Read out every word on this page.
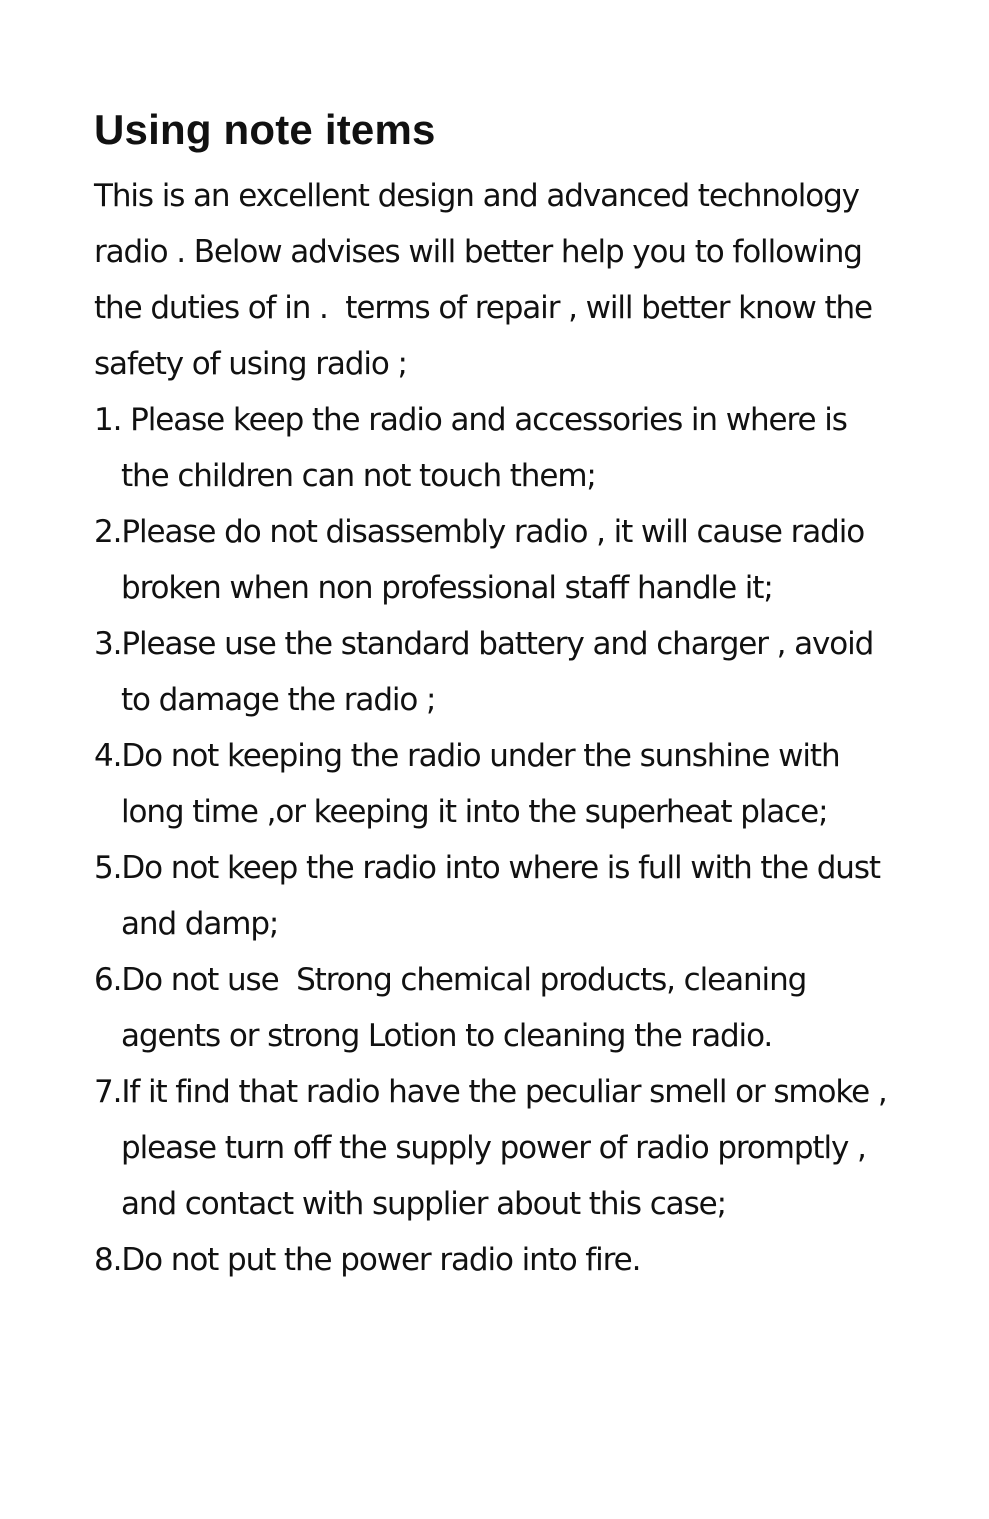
Using note items
This is an excellent design and advanced technology
radio . Below advises will better help you to following
the duties of in .  terms of repair , will better know the
safety of using radio ;
1. Please keep the radio and accessories in where is
the children can not touch them;
2.Please do not disassembly radio , it will cause radio
broken when non professional staff handle it;
3.Please use the standard battery and charger , avoid
to damage the radio ;
4.Do not keeping the radio under the sunshine with
long time ,or keeping it into the superheat place;
5.Do not keep the radio into where is full with the dust
and damp;
6.Do not use  Strong chemical products, cleaning
agents or strong Lotion to cleaning the radio.
7.If it find that radio have the peculiar smell or smoke ,
please turn off the supply power of radio promptly ,
and contact with supplier about this case;
8.Do not put the power radio into fire.
